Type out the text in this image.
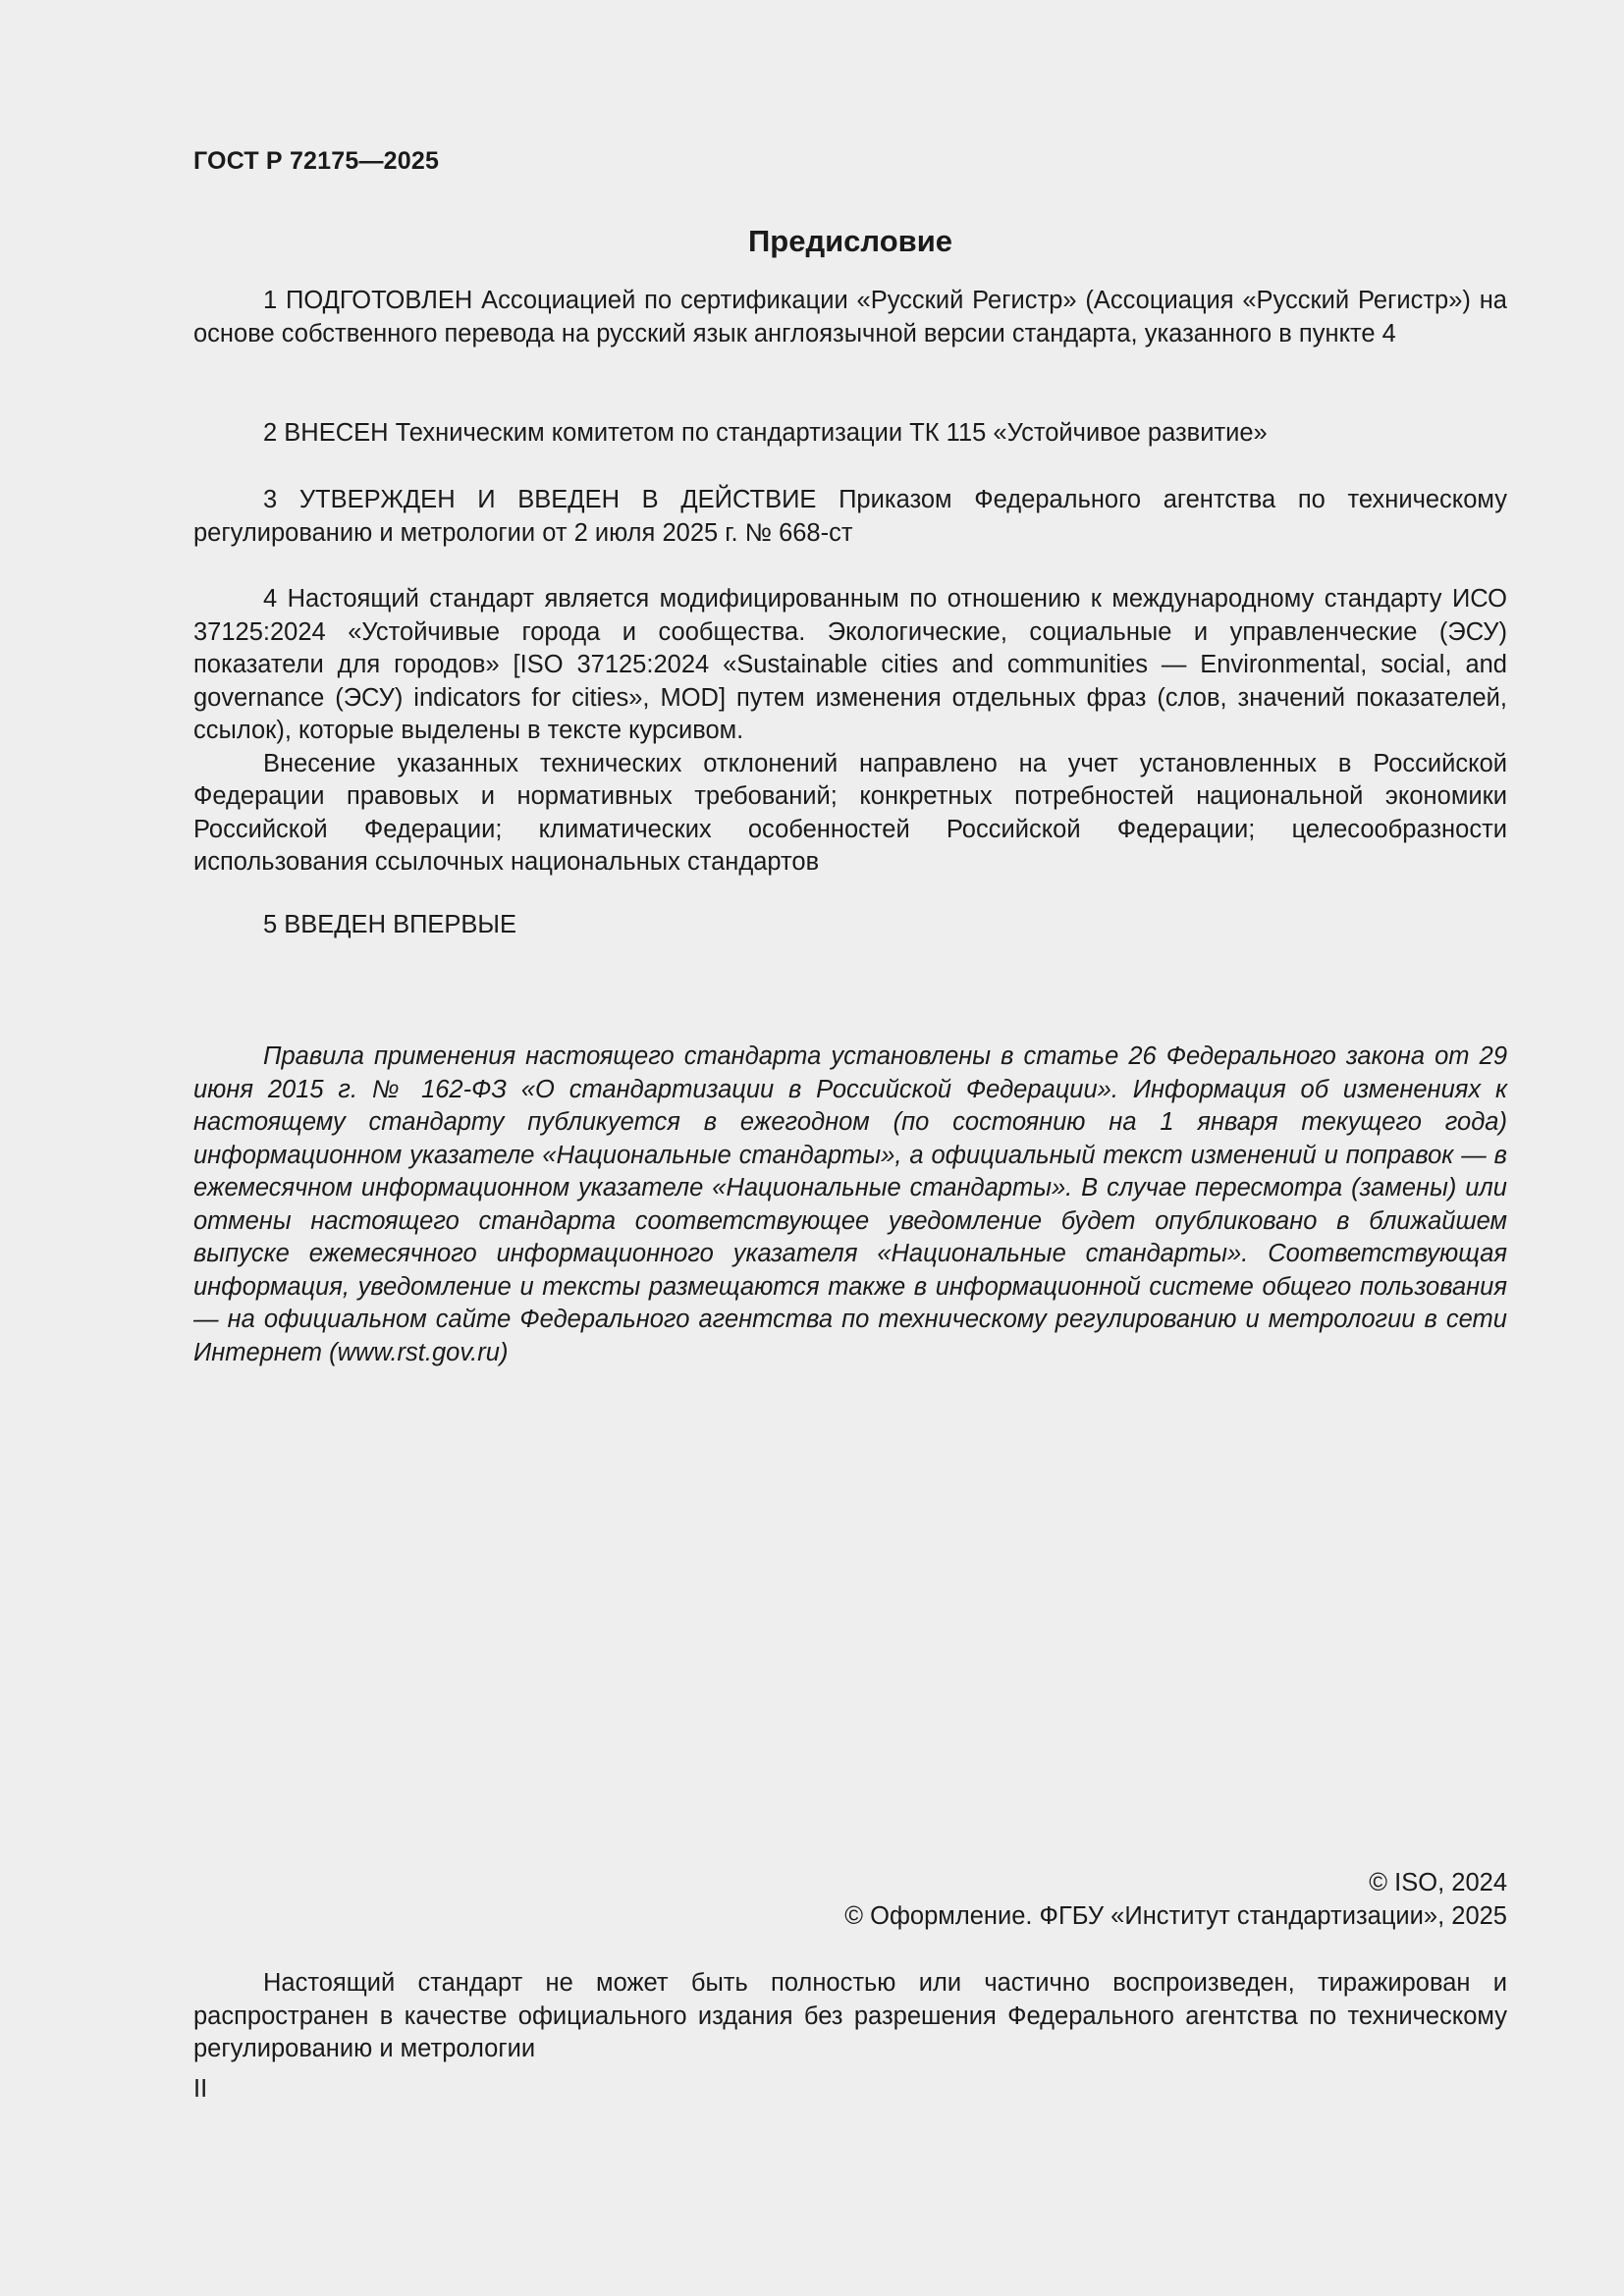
ГОСТ Р 72175—2025
Предисловие

1 ПОДГОТОВЛЕН Ассоциацией по сертификации «Русский Регистр» (Ассоциация «Русский Регистр») на основе собственного перевода на русский язык англоязычной версии стандарта, указанного в пункте 4

2 ВНЕСЕН Техническим комитетом по стандартизации ТК 115 «Устойчивое развитие»

3 УТВЕРЖДЕН И ВВЕДЕН В ДЕЙСТВИЕ Приказом Федерального агентства по техническому регулированию и метрологии от 2 июля 2025 г. № 668-ст

4 Настоящий стандарт является модифицированным по отношению к международному стандарту ИСО 37125:2024 «Устойчивые города и сообщества. Экологические, социальные и управленческие (ЭСУ) показатели для городов» [ISO 37125:2024 «Sustainable cities and communities — Environmental, social, and governance (ЭСУ) indicators for cities», MOD] путем изменения отдельных фраз (слов, значений показателей, ссылок), которые выделены в тексте курсивом.

Внесение указанных технических отклонений направлено на учет установленных в Российской Федерации правовых и нормативных требований; конкретных потребностей национальной экономики Российской Федерации; климатических особенностей Российской Федерации; целесообразности использования ссылочных национальных стандартов

5 ВВЕДЕН ВПЕРВЫЕ

Правила применения настоящего стандарта установлены в статье 26 Федерального закона от 29 июня 2015 г. № 162-ФЗ «О стандартизации в Российской Федерации». Информация об изменениях к настоящему стандарту публикуется в ежегодном (по состоянию на 1 января текущего года) информационном указателе «Национальные стандарты», а официальный текст изменений и поправок — в ежемесячном информационном указателе «Национальные стандарты». В случае пересмотра (замены) или отмены настоящего стандарта соответствующее уведомление будет опубликовано в ближайшем выпуске ежемесячного информационного указателя «Национальные стандарты». Соответствующая информация, уведомление и тексты размещаются также в информационной системе общего пользования — на официальном сайте Федерального агентства по техническому регулированию и метрологии в сети Интернет (www.rst.gov.ru)

© ISO, 2024
© Оформление. ФГБУ «Институт стандартизации», 2025

Настоящий стандарт не может быть полностью или частично воспроизведен, тиражирован и распространен в качестве официального издания без разрешения Федерального агентства по техническому регулированию и метрологии

II
